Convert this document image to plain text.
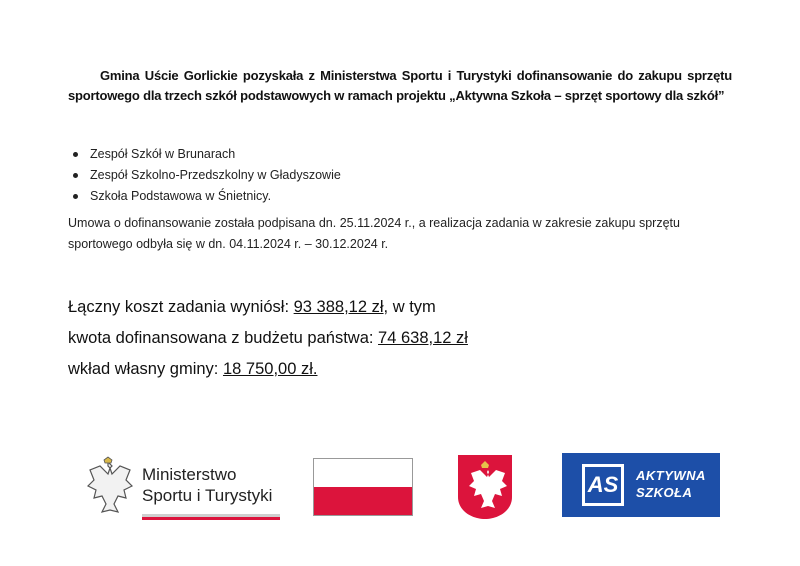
Gmina Uście Gorlickie pozyskała z Ministerstwa Sportu i Turystyki dofinansowanie do zakupu sprzętu sportowego dla trzech szkół podstawowych w ramach projektu „Aktywna Szkoła – sprzęt sportowy dla szkół”
Zespół Szkół w Brunarach
Zespół Szkolno-Przedszkolny w Gładyszowie
Szkoła Podstawowa w Śnietnicy.
Umowa o dofinansowanie została podpisana dn. 25.11.2024 r., a realizacja zadania w zakresie zakupu sprzętu sportowego odbyła się w dn. 04.11.2024 r. – 30.12.2024 r.
Łączny koszt zadania wyniósł: 93 388,12 zł, w tym
kwota dofinansowana z budżetu państwa: 74 638,12 zł
wkład własny gminy: 18 750,00 zł.
Ministerstwo
Sportu i Turystyki	AS	AKTYWNA
SZKOŁA
